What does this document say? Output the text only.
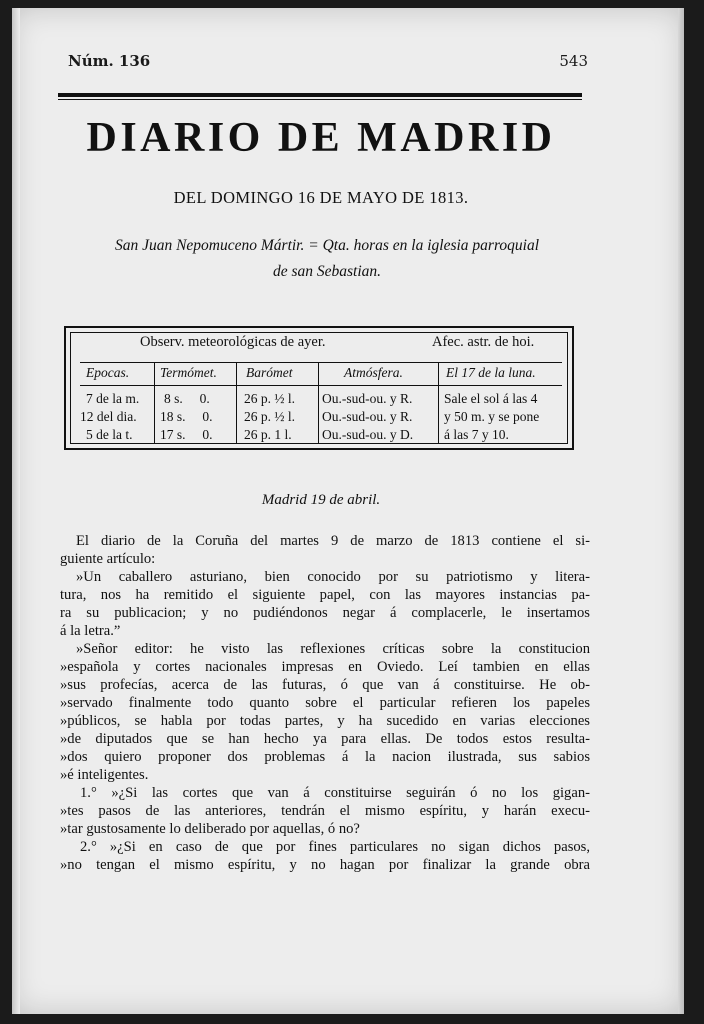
Núm. 136	543
DIARIO DE MADRID
DEL DOMINGO 16 DE MAYO DE 1813.
San Juan Nepomuceno Mártir. = Qta. horas en la iglesia parroquial
de san Sebastian.
Observ. meteorológicas de ayer.	Afec. astr. de hoi.
Epocas.
7 de la m.
12 del dia.
5 de la t.
Termómet.
8 s.     0.
18 s.     0.
17 s.     0.
Barómet
26 p. ½ l.
26 p. ½ l.
26 p. 1 l.
Atmósfera.
Ou.-sud-ou. y R.
Ou.-sud-ou. y R.
Ou.-sud-ou. y D.
El 17 de la luna.
Sale el sol á las 4
y 50 m. y se pone
á las 7 y 10.
Madrid 19 de abril.
El diario de la Coruña del martes 9 de marzo de 1813 contiene el si-
guiente artículo:
»Un caballero asturiano, bien conocido por su patriotismo y litera-
tura, nos ha remitido el siguiente papel, con las mayores instancias pa-
ra su publicacion; y no pudiéndonos negar á complacerle, le insertamos
á la letra.”
»Señor editor: he visto las reflexiones críticas sobre la constitucion
»española y cortes nacionales impresas en Oviedo. Leí tambien en ellas
»sus profecías, acerca de las futuras, ó que van á constituirse. He ob-
»servado finalmente todo quanto sobre el particular refieren los papeles
»públicos, se habla por todas partes, y ha sucedido en varias elecciones
»de diputados que se han hecho ya para ellas. De todos estos resulta-
»dos quiero proponer dos problemas á la nacion ilustrada, sus sabios
»é inteligentes.
1.° »¿Si las cortes que van á constituirse seguirán ó no los gigan-
»tes pasos de las anteriores, tendrán el mismo espíritu, y harán execu-
»tar gustosamente lo deliberado por aquellas, ó no?
2.° »¿Si en caso de que por fines particulares no sigan dichos pasos,
»no tengan el mismo espíritu, y no hagan por finalizar la grande obra
